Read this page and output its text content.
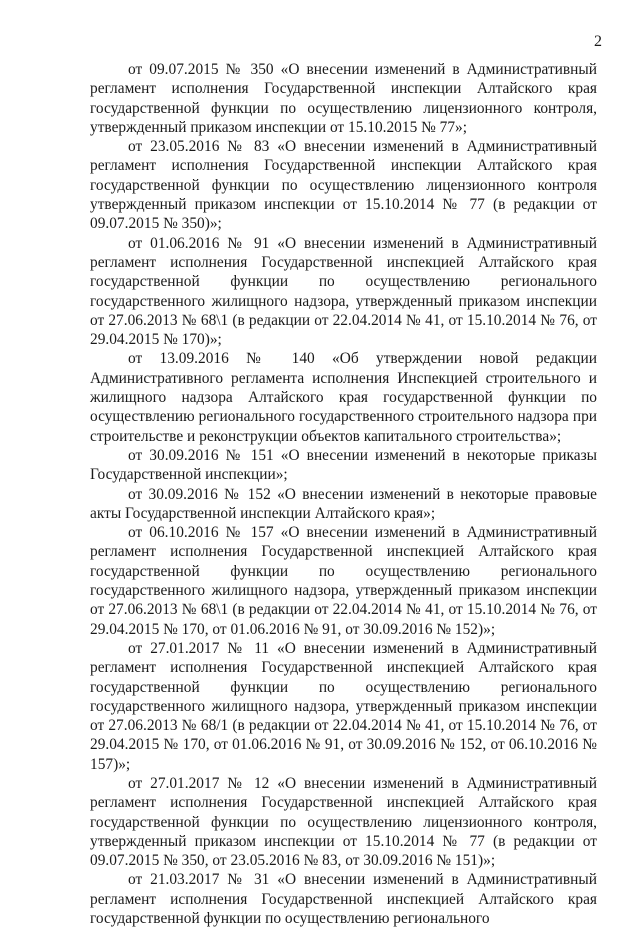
2

от 09.07.2015 № 350 «О внесении изменений в Административный регламент исполнения Государственной инспекции Алтайского края государственной функции по осуществлению лицензионного контроля, утвержденный приказом инспекции от 15.10.2015 № 77»;

от 23.05.2016 № 83 «О внесении изменений в Административный регламент исполнения Государственной инспекции Алтайского края государственной функции по осуществлению лицензионного контроля утвержденный приказом инспекции от 15.10.2014 № 77 (в редакции от 09.07.2015 № 350)»;

от 01.06.2016 № 91 «О внесении изменений в Административный регламент исполнения Государственной инспекцией Алтайского края государственной функции по осуществлению регионального государственного жилищного надзора, утвержденный приказом инспекции от 27.06.2013 № 68\1 (в редакции от 22.04.2014 № 41, от 15.10.2014 № 76, от 29.04.2015 № 170)»;

от 13.09.2016 № 140 «Об утверждении новой редакции Административного регламента исполнения Инспекцией строительного и жилищного надзора Алтайского края государственной функции по осуществлению регионального государственного строительного надзора при строительстве и реконструкции объектов капитального строительства»;

от 30.09.2016 № 151 «О внесении изменений в некоторые приказы Государственной инспекции»;

от 30.09.2016 № 152 «О внесении изменений в некоторые правовые акты Государственной инспекции Алтайского края»;

от 06.10.2016 № 157 «О внесении изменений в Административный регламент исполнения Государственной инспекцией Алтайского края государственной функции по осуществлению регионального государственного жилищного надзора, утвержденный приказом инспекции от 27.06.2013 № 68\1 (в редакции от 22.04.2014 № 41, от 15.10.2014 № 76, от 29.04.2015 № 170, от 01.06.2016 № 91, от 30.09.2016 № 152)»;

от 27.01.2017 № 11 «О внесении изменений в Административный регламент исполнения Государственной инспекцией Алтайского края государственной функции по осуществлению регионального государственного жилищного надзора, утвержденный приказом инспекции от 27.06.2013 № 68/1 (в редакции от 22.04.2014 № 41, от 15.10.2014 № 76, от 29.04.2015 № 170, от 01.06.2016 № 91, от 30.09.2016 № 152, от 06.10.2016 № 157)»;

от 27.01.2017 № 12 «О внесении изменений в Административный регламент исполнения Государственной инспекцией Алтайского края государственной функции по осуществлению лицензионного контроля, утвержденный приказом инспекции от 15.10.2014 № 77 (в редакции от 09.07.2015 № 350, от 23.05.2016 № 83, от 30.09.2016 № 151)»;

от 21.03.2017 № 31 «О внесении изменений в Административный регламент исполнения Государственной инспекцией Алтайского края государственной функции по осуществлению регионального
